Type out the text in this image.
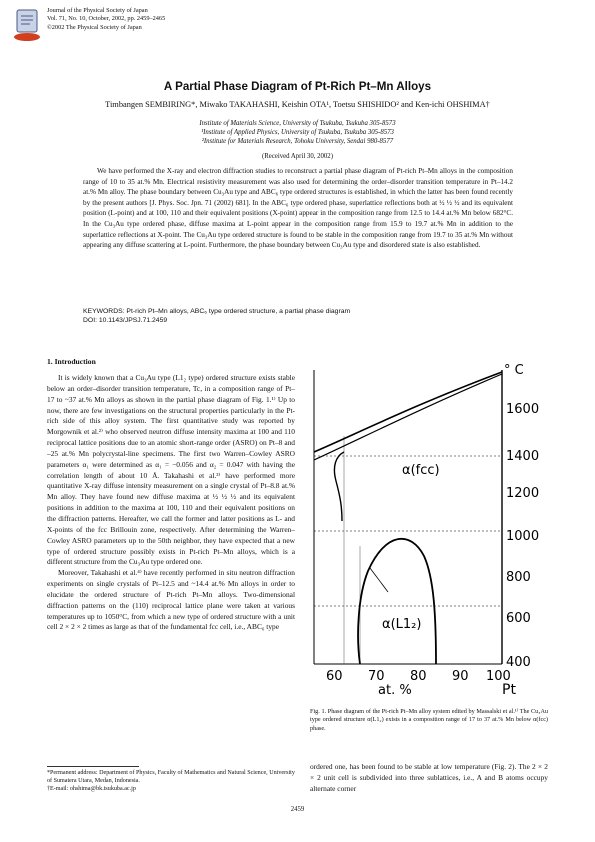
Journal of the Physical Society of Japan
Vol. 71, No. 10, October, 2002, pp. 2459–2465
©2002 The Physical Society of Japan
A Partial Phase Diagram of Pt-Rich Pt–Mn Alloys
Timbangen SEMBIRING*, Miwako TAKAHASHI, Keishin OTA¹, Toetsu SHISHIDO² and Ken-ichi OHSHIMA†
Institute of Materials Science, University of Tsukuba, Tsukuba 305-8573
¹Institute of Applied Physics, University of Tsukuba, Tsukuba 305-8573
²Institute for Materials Research, Tohoku University, Sendai 980-8577
(Received April 30, 2002)

We have performed the X-ray and electron diffraction studies to reconstruct a partial phase diagram of Pt-rich Pt–Mn alloys in the composition range of 10 to 35 at.% Mn. Electrical resistivity measurement was also used for determining the order–disorder transition temperature in Pt–14.2 at.% Mn alloy. The phase boundary between Cu₃Au type and ABC₆ type ordered structures is established, in which the latter has been found recently by the present authors [J. Phys. Soc. Jpn. 71 (2002) 681]. In the ABC₆ type ordered phase, superlattice reflections both at ½ ½ ½ and its equivalent position (L-point) and at 100, 110 and their equivalent positions (X-point) appear in the composition range from 12.5 to 14.4 at.% Mn below 682°C. In the Cu₃Au type ordered phase, diffuse maxima at L-point appear in the composition range from 15.9 to 19.7 at.% Mn in addition to the superlattice reflections at X-point. The Cu₃Au type ordered structure is found to be stable in the composition range from 19.7 to 35 at.% Mn without appearing any diffuse scattering at L-point. Furthermore, the phase boundary between Cu₃Au type and disordered state is also established.

KEYWORDS: Pt-rich Pt–Mn alloys, ABC₆ type ordered structure, a partial phase diagram
DOI: 10.1143/JPSJ.71.2459
1. Introduction

It is widely known that a Cu₃Au type (L1₂ type) ordered structure exists stable below an order–disorder transition temperature, Tc, in a composition range of Pt–17 to ~37 at.% Mn alloys as shown in the partial phase diagram of Fig. 1.¹⁾ Up to now, there are few investigations on the structural properties particularly in the Pt-rich side of this alloy system. The first quantitative study was reported by Morgownik et al.²⁾ who observed neutron diffuse intensity maxima at 100 and 110 reciprocal lattice positions due to an atomic short-range order (ASRO) on Pt–8 and –25 at.% Mn polycrystal-line specimens. The first two Warren–Cowley ASRO parameters α₁ were determined as α₁ = −0.056 and α₂ = 0.047 with having the correlation length of about 10 Å. Takahashi et al.³⁾ have performed more quantitative X-ray diffuse intensity measurement on a single crystal of Pt–8.8 at.% Mn alloy. They have found new diffuse maxima at ½ ½ ½ and its equivalent positions in addition to the maxima at 100, 110 and their equivalent positions on the diffraction patterns. Hereafter, we call the former and latter positions as L- and X-points of the fcc Brillouin zone, respectively. After determining the Warren–Cowley ASRO parameters up to the 50th neighbor, they have expected that a new type of ordered structure possibly exists in Pt-rich Pt–Mn alloys, which is a different structure from the Cu₃Au type ordered one.

Moreover, Takahashi et al.⁴⁾ have recently performed in situ neutron diffraction experiments on single crystals of Pt–12.5 and ~14.4 at.% Mn alloys in order to elucidate the ordered structure of Pt-rich Pt–Mn alloys. Two-dimensional diffraction patterns on the (110) reciprocal lattice plane were taken at various temperatures up to 1050°C, from which a new type of ordered structure with a unit cell 2 × 2 × 2 times as large as that of the fundamental fcc cell, i.e., ABC₆ type

*Permanent address: Department of Physics, Faculty of Mathematics and Natural Science, University of Sumatera Utara, Medan, Indonesia.

†E-mail: ohshima@bk.tsukuba.ac.jp

° C
1600
1400
1200
1000
800
600
400
60 70 80 90 100
at. %	Pt
α(fcc)
α(L1₂)
Fig. 1. Phase diagram of the Pt-rich Pt–Mn alloy system edited by Massalski et al.¹⁾ The Cu₃Au type ordered structure α(L1₂) exists in a composition range of 17 to 37 at.% Mn below α(fcc) phase.

ordered one, has been found to be stable at low temperature (Fig. 2). The 2 × 2 × 2 unit cell is subdivided into three sublattices, i.e., A and B atoms occupy alternate corner

2459
